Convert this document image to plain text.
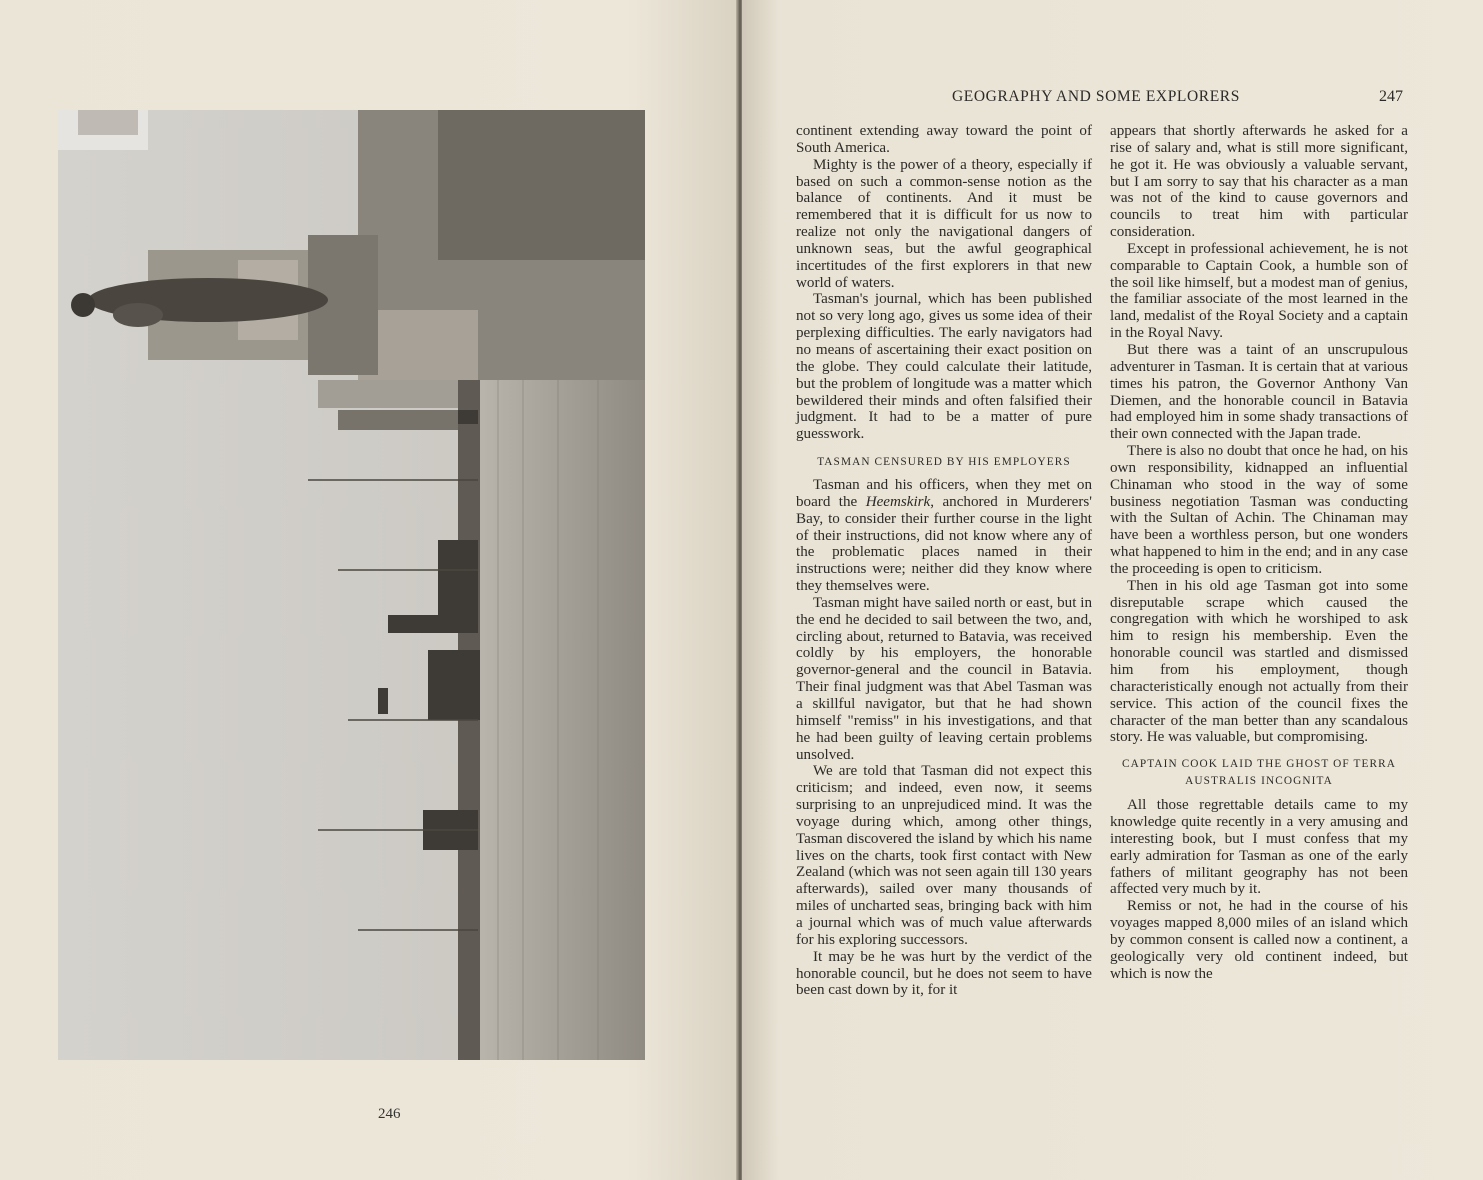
246
GEOGRAPHY AND SOME EXPLORERS	247

continent extending away toward the point of South America.

Mighty is the power of a theory, especially if based on such a common-sense notion as the balance of continents. And it must be remembered that it is difficult for us now to realize not only the navigational dangers of unknown seas, but the awful geographical incertitudes of the first explorers in that new world of waters.

Tasman's journal, which has been published not so very long ago, gives us some idea of their perplexing difficulties. The early navigators had no means of ascertaining their exact position on the globe. They could calculate their latitude, but the problem of longitude was a matter which bewildered their minds and often falsified their judgment. It had to be a matter of pure guesswork.

TASMAN CENSURED BY HIS EMPLOYERS

Tasman and his officers, when they met on board the Heemskirk, anchored in Murderers' Bay, to consider their further course in the light of their instructions, did not know where any of the problematic places named in their instructions were; neither did they know where they themselves were.

Tasman might have sailed north or east, but in the end he decided to sail between the two, and, circling about, returned to Batavia, was received coldly by his employers, the honorable governor-general and the council in Batavia. Their final judgment was that Abel Tasman was a skillful navigator, but that he had shown himself "remiss" in his investigations, and that he had been guilty of leaving certain problems unsolved.

We are told that Tasman did not expect this criticism; and indeed, even now, it seems surprising to an unprejudiced mind. It was the voyage during which, among other things, Tasman discovered the island by which his name lives on the charts, took first contact with New Zealand (which was not seen again till 130 years afterwards), sailed over many thousands of miles of uncharted seas, bringing back with him a journal which was of much value afterwards for his exploring successors.

It may be he was hurt by the verdict of the honorable council, but he does not seem to have been cast down by it, for it

appears that shortly afterwards he asked for a rise of salary and, what is still more significant, he got it. He was obviously a valuable servant, but I am sorry to say that his character as a man was not of the kind to cause governors and councils to treat him with particular consideration.

Except in professional achievement, he is not comparable to Captain Cook, a humble son of the soil like himself, but a modest man of genius, the familiar associate of the most learned in the land, medalist of the Royal Society and a captain in the Royal Navy.

But there was a taint of an unscrupulous adventurer in Tasman. It is certain that at various times his patron, the Governor Anthony Van Diemen, and the honorable council in Batavia had employed him in some shady transactions of their own connected with the Japan trade.

There is also no doubt that once he had, on his own responsibility, kidnapped an influential Chinaman who stood in the way of some business negotiation Tasman was conducting with the Sultan of Achin. The Chinaman may have been a worthless person, but one wonders what happened to him in the end; and in any case the proceeding is open to criticism.

Then in his old age Tasman got into some disreputable scrape which caused the congregation with which he worshiped to ask him to resign his membership. Even the honorable council was startled and dismissed him from his employment, though characteristically enough not actually from their service. This action of the council fixes the character of the man better than any scandalous story. He was valuable, but compromising.

CAPTAIN COOK LAID THE GHOST OF TERRA
AUSTRALIS INCOGNITA

All those regrettable details came to my knowledge quite recently in a very amusing and interesting book, but I must confess that my early admiration for Tasman as one of the early fathers of militant geography has not been affected very much by it.

Remiss or not, he had in the course of his voyages mapped 8,000 miles of an island which by common consent is called now a continent, a geologically very old continent indeed, but which is now the
